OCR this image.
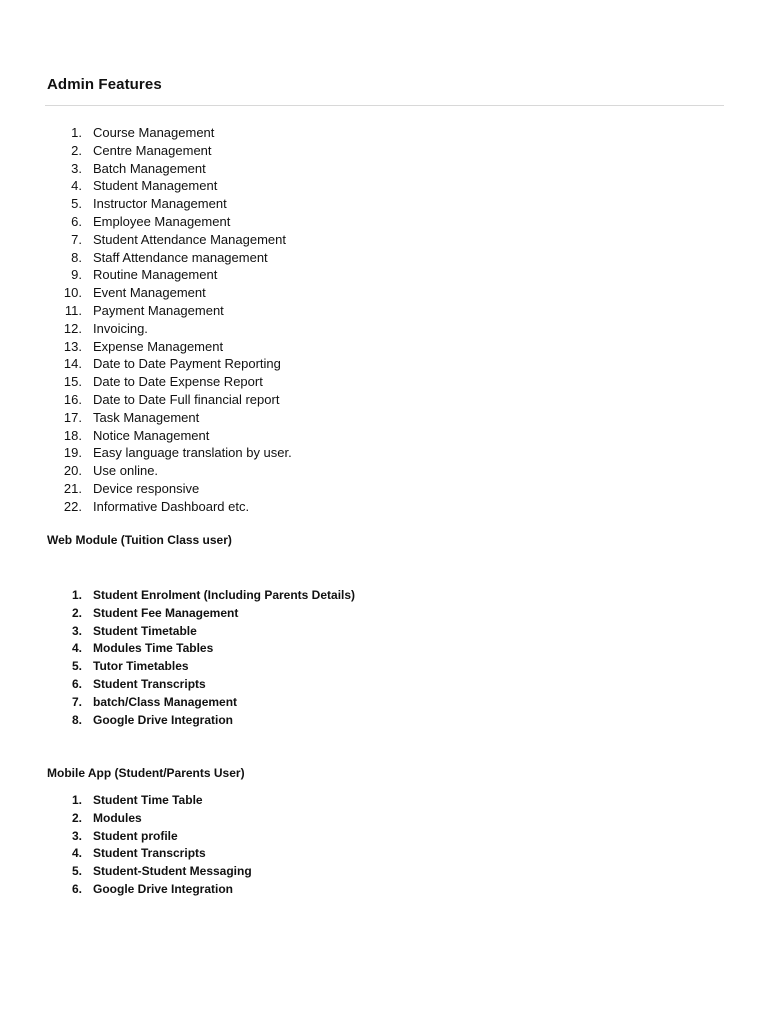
Admin Features
1. Course Management
2. Centre Management
3. Batch Management
4. Student Management
5. Instructor Management
6. Employee Management
7. Student Attendance Management
8. Staff Attendance management
9. Routine Management
10. Event Management
11. Payment Management
12. Invoicing.
13. Expense Management
14. Date to Date Payment Reporting
15. Date to Date Expense Report
16. Date to Date Full financial report
17. Task Management
18. Notice Management
19. Easy language translation by user.
20. Use online.
21. Device responsive
22. Informative Dashboard etc.
Web Module (Tuition Class user)
1. Student Enrolment (Including Parents Details)
2. Student Fee Management
3. Student Timetable
4. Modules Time Tables
5. Tutor Timetables
6. Student Transcripts
7. batch/Class Management
8. Google Drive Integration
Mobile App (Student/Parents User)
1. Student Time Table
2. Modules
3. Student profile
4. Student Transcripts
5. Student-Student Messaging
6. Google Drive Integration
